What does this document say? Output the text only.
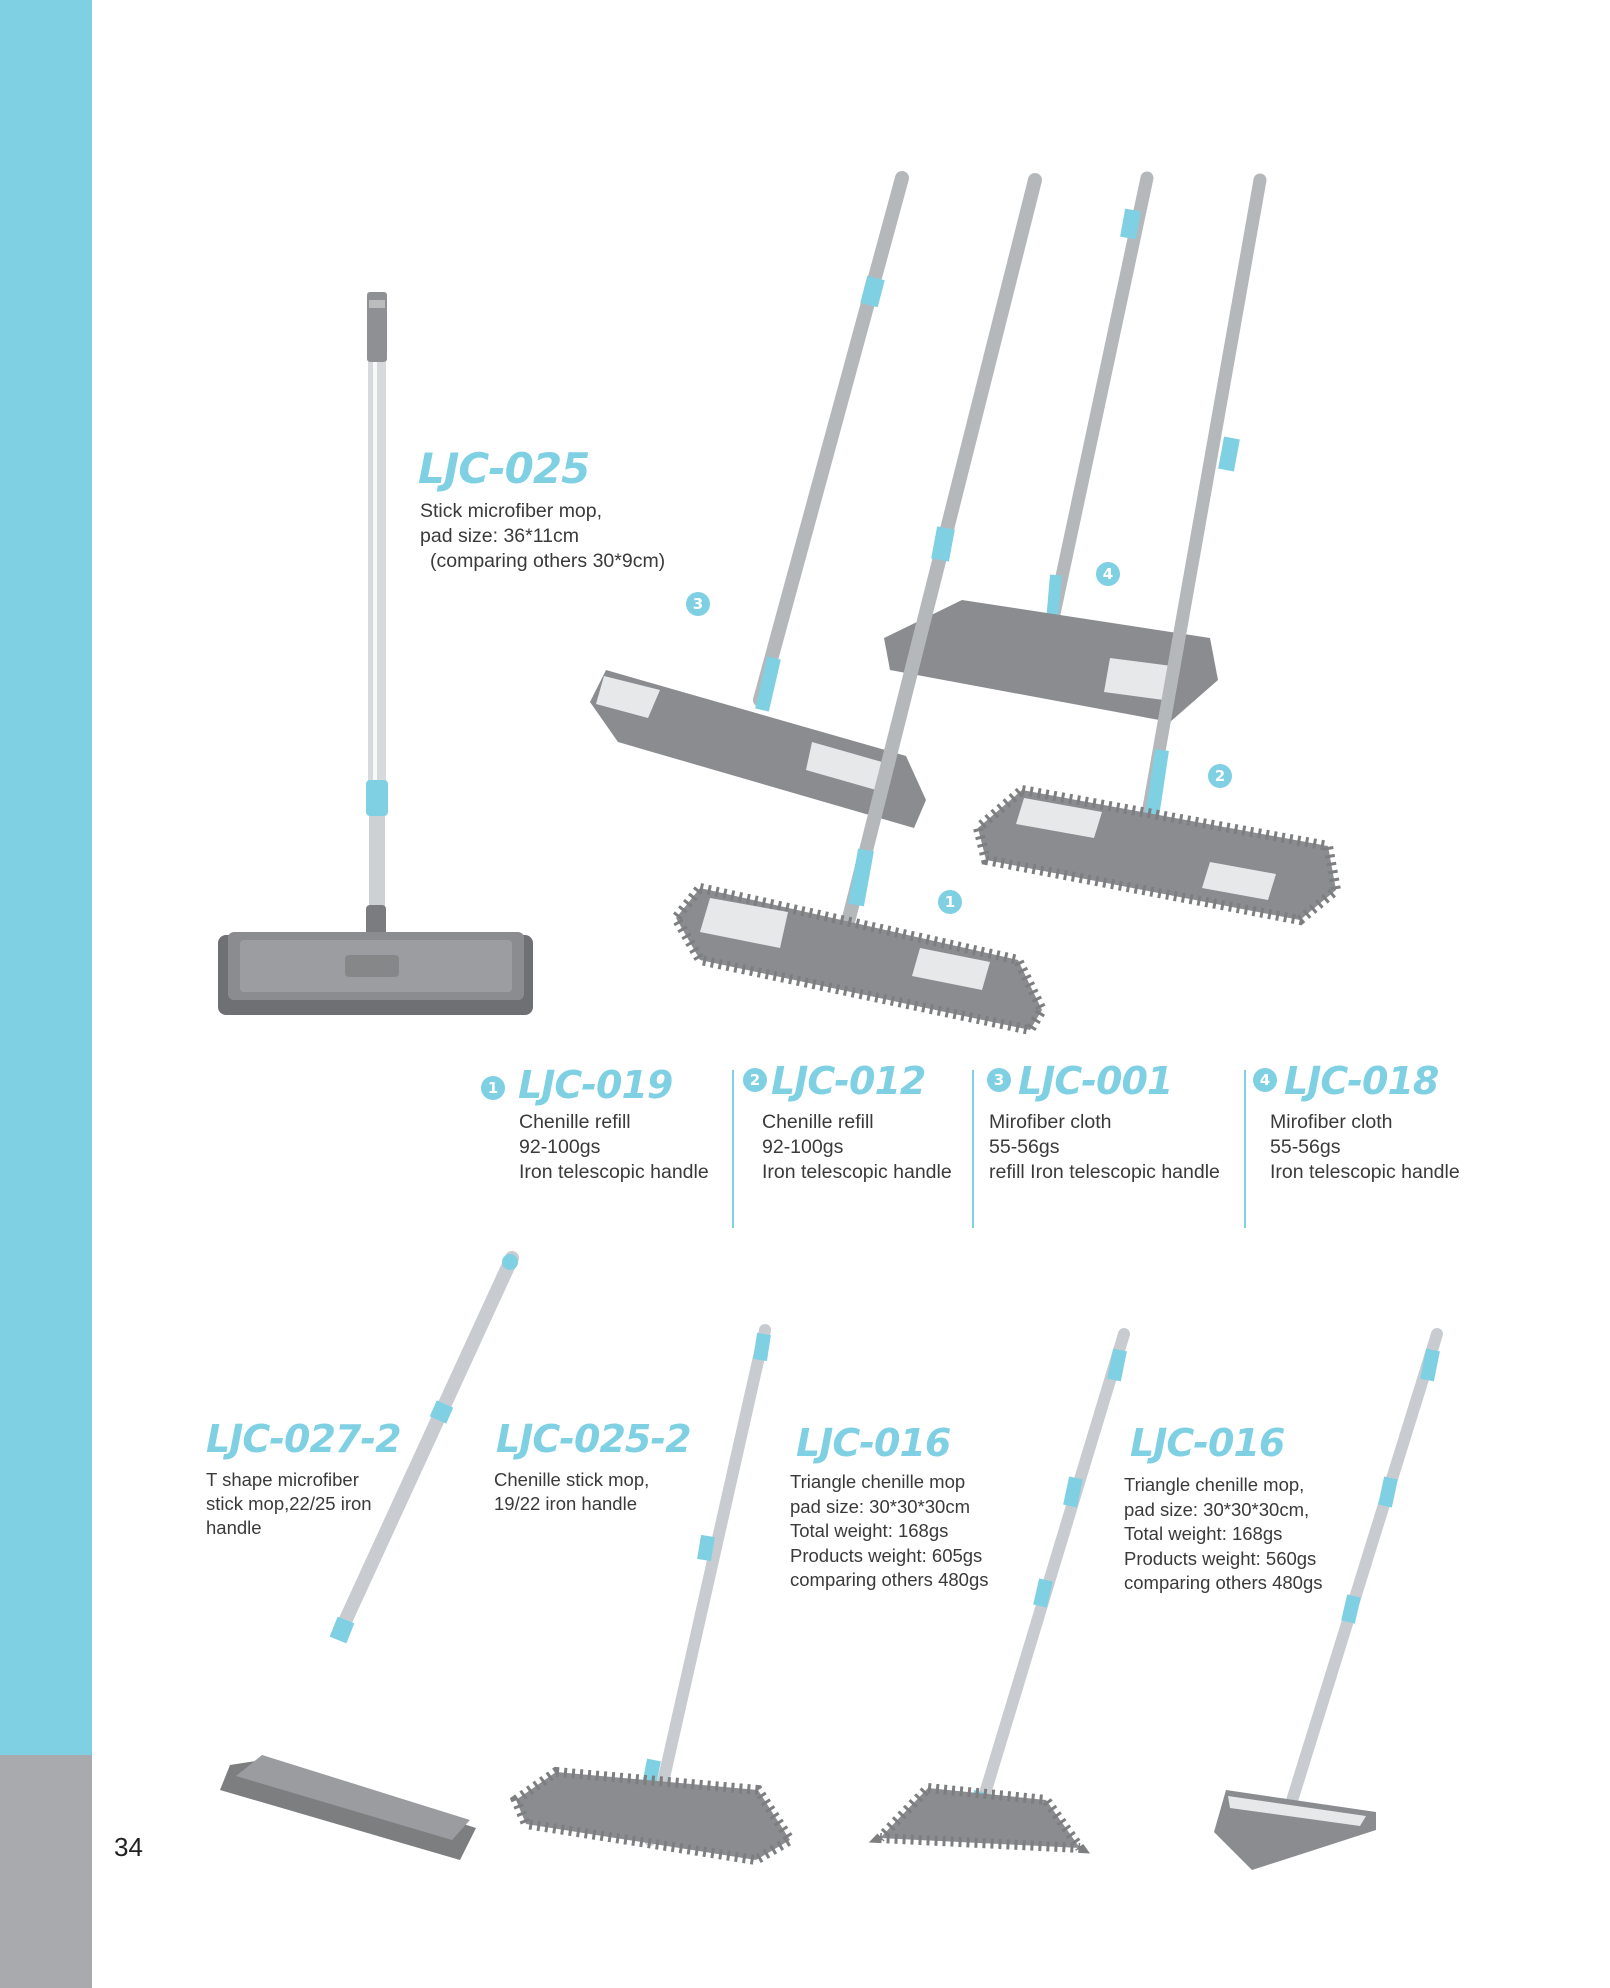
34
1
2
3
4
LJC-025
Stick microfiber mop,
pad size: 36*11cm
(comparing others 30*9cm)
1 LJC-019
Chenille refill
92-100gs
Iron telescopic handle
2 LJC-012
Chenille refill
92-100gs
Iron telescopic handle
3 LJC-001
Mirofiber cloth
55-56gs
refill Iron telescopic handle
4 LJC-018
Mirofiber cloth
55-56gs
Iron telescopic handle
LJC-027-2
T shape microfiber
stick mop,22/25 iron
handle
LJC-025-2
Chenille stick mop,
19/22 iron handle
LJC-016
Triangle chenille mop
pad size: 30*30*30cm
Total weight: 168gs
Products weight: 605gs
comparing others 480gs
LJC-016
Triangle chenille mop,
pad size: 30*30*30cm,
Total weight: 168gs
Products weight: 560gs
comparing others 480gs
